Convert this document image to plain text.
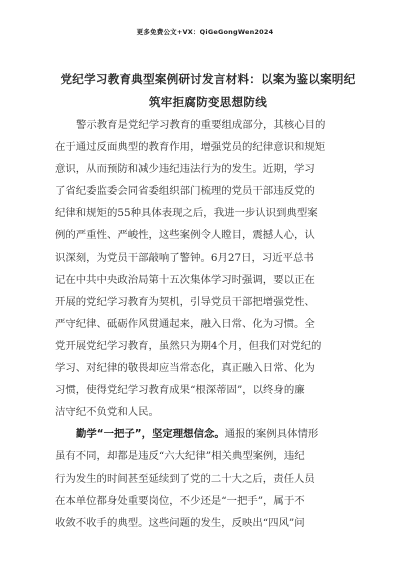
更多免费公文+VX：QiGeGongWen2024
党纪学习教育典型案例研讨发言材料：以案为鉴以案明纪
筑牢拒腐防变思想防线
警示教育是党纪学习教育的重要组成部分，其核心目的
在于通过反面典型的教育作用，增强党员的纪律意识和规矩
意识，从而预防和减少违纪违法行为的发生。近期，学习
了省纪委监委会同省委组织部门梳理的党员干部违反党的
纪律和规矩的55种具体表现之后，我进一步认识到典型案
例的严重性、严峻性，这些案例令人瞠目，震撼人心，认
识深刻，为党员干部敲响了警钟。6月27日，习近平总书
记在中共中央政治局第十五次集体学习时强调，要以正在
开展的党纪学习教育为契机，引导党员干部把增强党性、
严守纪律、砥砺作风贯通起来，融入日常、化为习惯。全
党开展党纪学习教育，虽然只为期4个月，但我们对党纪的
学习、对纪律的敬畏却应当常态化，真正融入日常、化为
习惯，使得党纪学习教育成果“根深蒂固”，以终身的廉
洁守纪不负党和人民。
勤学“一把子”，坚定理想信念。通报的案例具体情形
虽有不同，却都是违反“六大纪律”相关典型案例，违纪
行为发生的时间甚至延续到了党的二十大之后，责任人员
在本单位都身处重要岗位，不少还是“一把手”，属于不
收敛不收手的典型。这些问题的发生，反映出“四风”问
